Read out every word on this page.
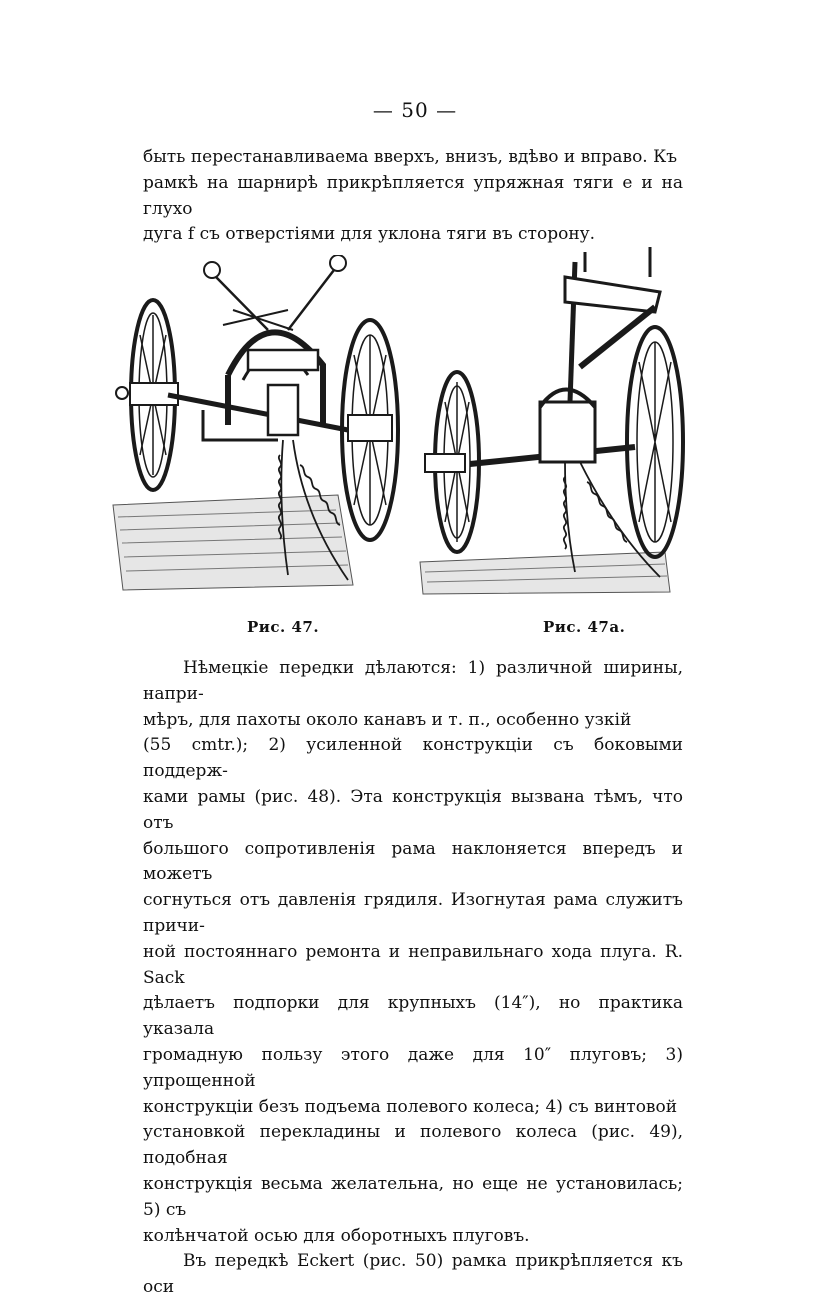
— 50 —

быть перестанавливаема вверхъ, внизъ, вдѣво и вправо. Къ

рамкѣ на шарнирѣ прикрѣпляется упряжная тяги e и на глухо

дуга f съ отверстіями для уклона тяги въ сторону.

Рис. 47.	Рис. 47а.

Нѣмецкіе передки дѣлаются: 1) различной ширины, напри-

мѣръ, для пахоты около канавъ и т. п., особенно узкій

(55 cmtr.); 2) усиленной конструкціи съ боковыми поддерж-

ками рамы (рис. 48). Эта конструкція вызвана тѣмъ, что отъ

большого сопротивленія рама наклоняется впередъ и можетъ

согнуться отъ давленія грядиля. Изогнутая рама служитъ причи-

ной постояннаго ремонта и неправильнаго хода плуга. R. Sack

дѣлаетъ подпорки для крупныхъ (14″), но практика указала

громадную пользу этого даже для 10″ плуговъ; 3) упрощенной

конструкціи безъ подъема полевого колеса; 4) съ винтовой

установкой перекладины и полевого колеса (рис. 49), подобная

конструкція весьма желательна, но еще не установилась; 5) съ

колѣнчатой осью для оборотныхъ плуговъ.

Въ передкѣ Eckert (рис. 50) рамка прикрѣпляется къ оси
